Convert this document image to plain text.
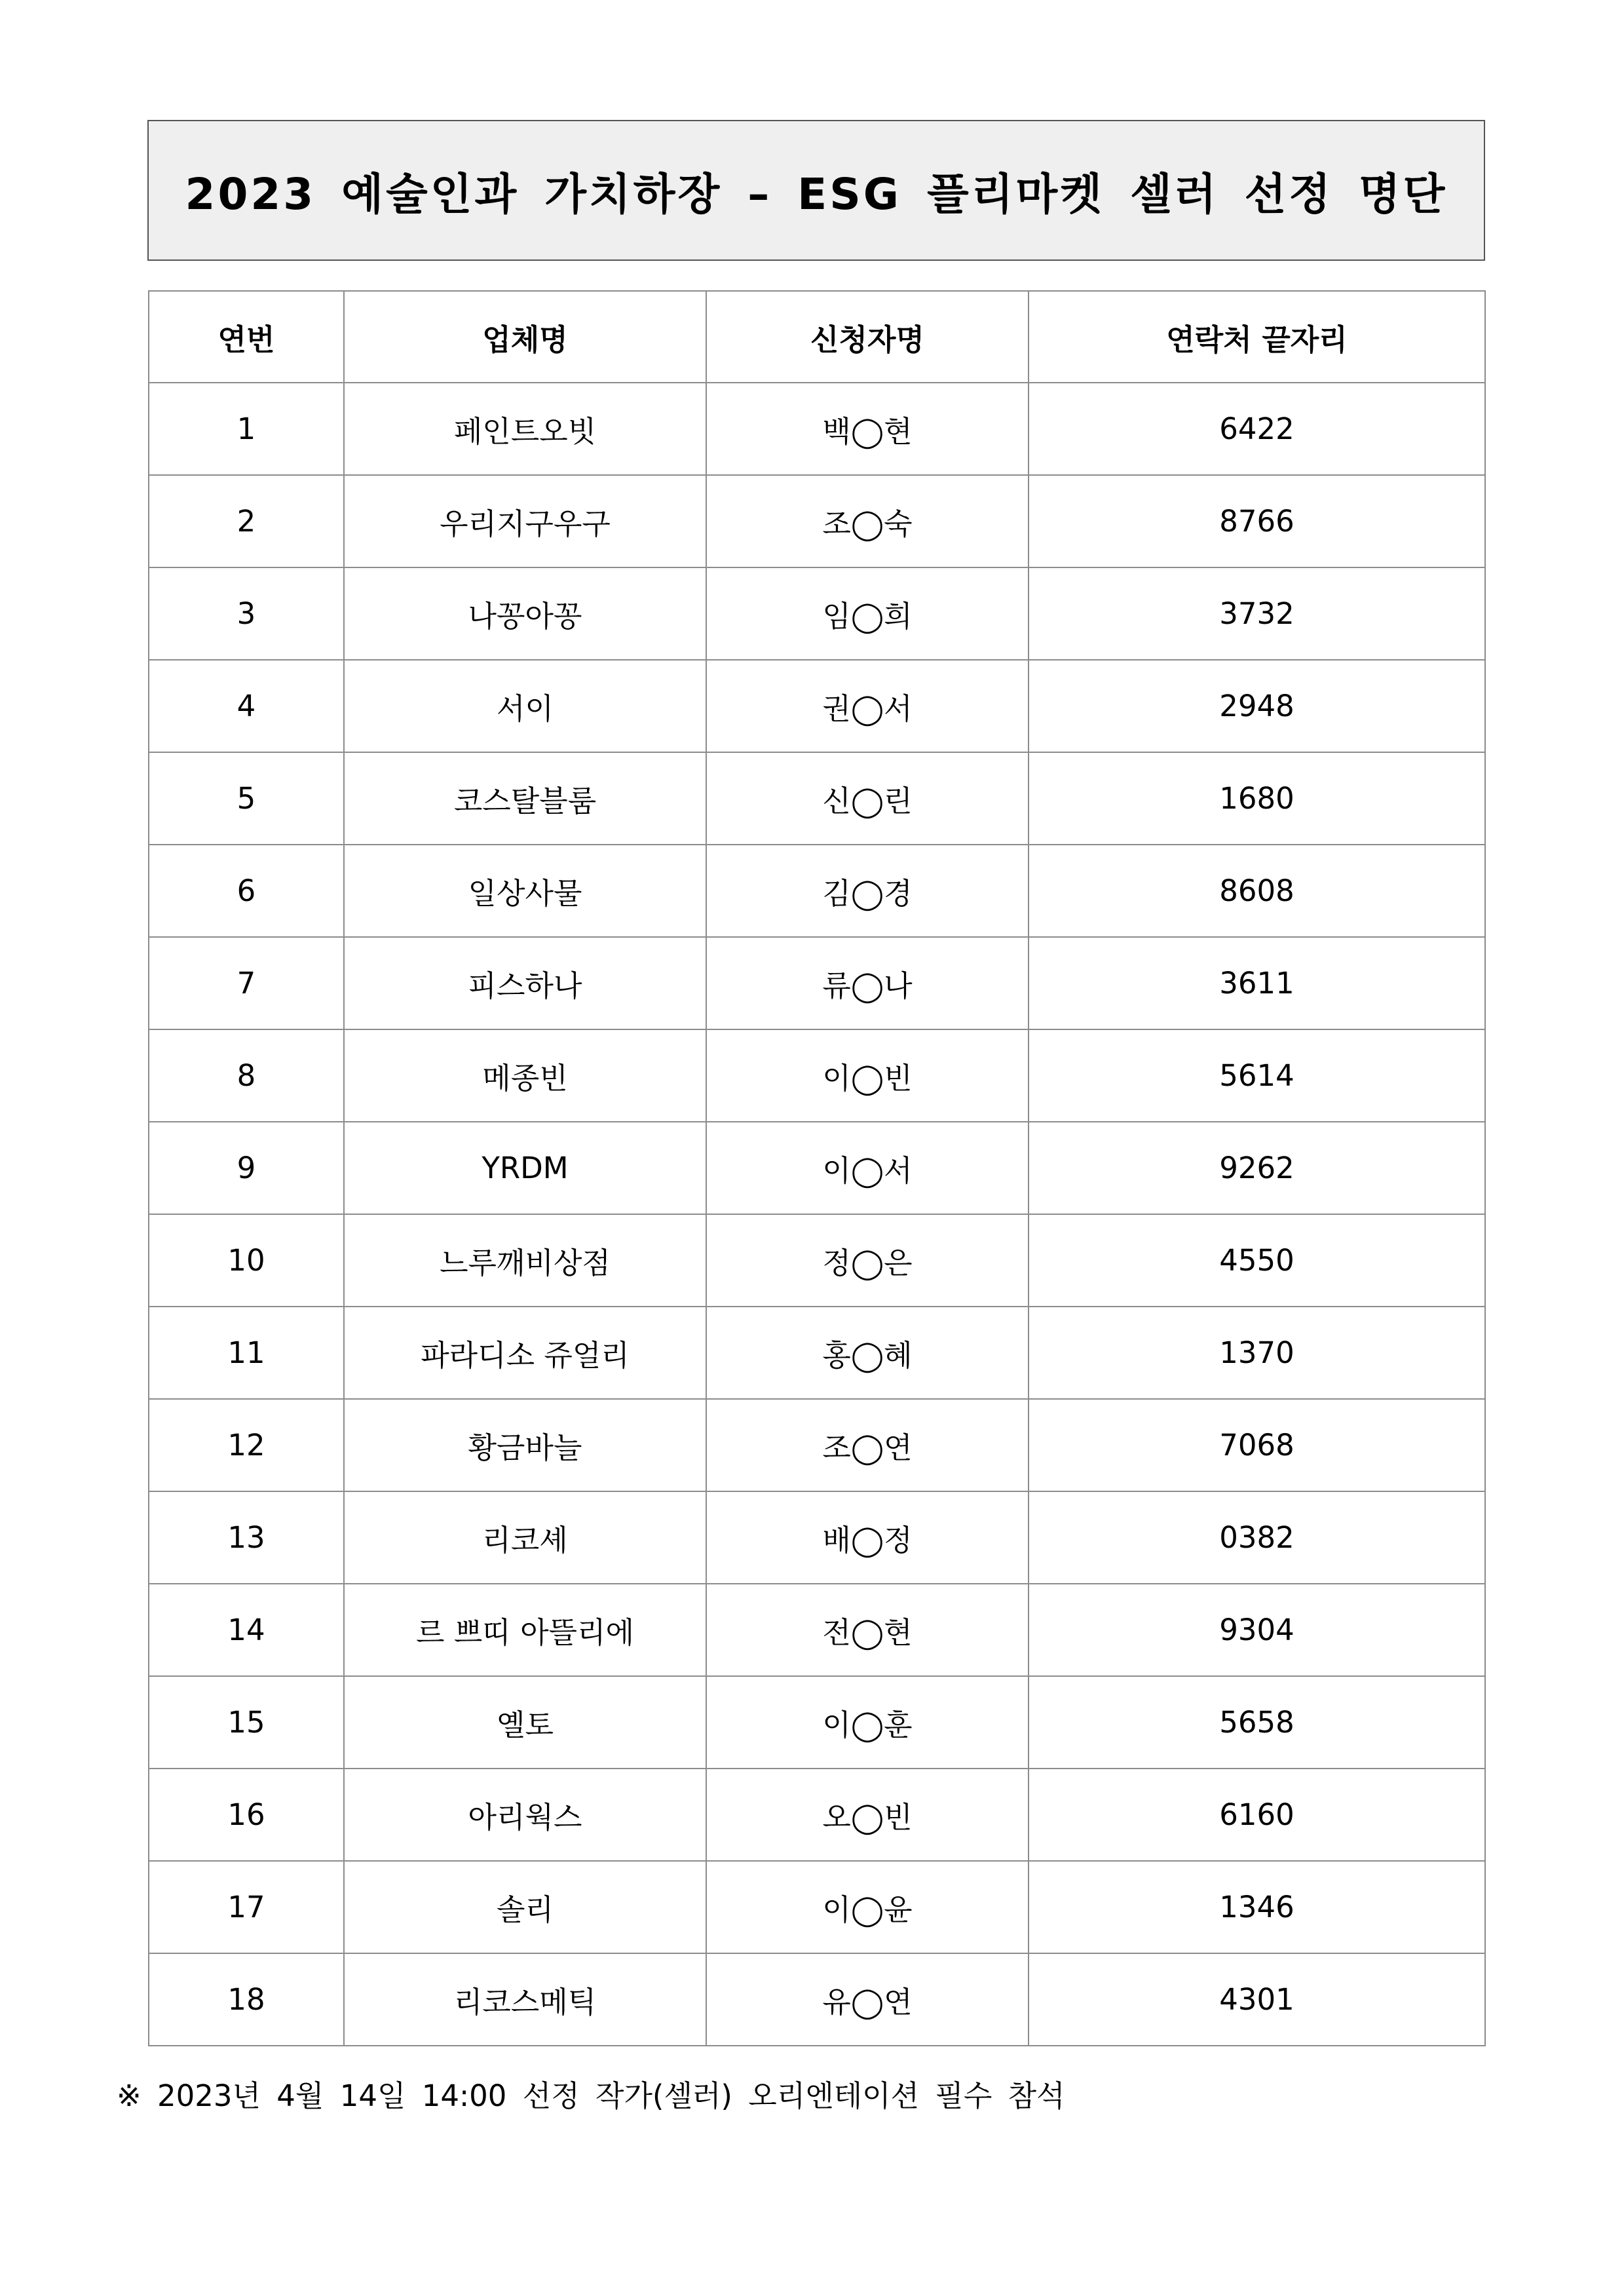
2023 예술인과 가치하장 – ESG 플리마켓 셀러 선정 명단
연번	업체명	신청자명	연락처 끝자리
1	페인트오빗	백◯현	6422
2	우리지구우구	조◯숙	8766
3	나꽁아꽁	임◯희	3732
4	서이	권◯서	2948
5	코스탈블룸	신◯린	1680
6	일상사물	김◯경	8608
7	피스하나	류◯나	3611
8	메종빈	이◯빈	5614
9	YRDM	이◯서	9262
10	느루깨비상점	정◯은	4550
11	파라디소 쥬얼리	홍◯혜	1370
12	황금바늘	조◯연	7068
13	리코셰	배◯정	0382
14	르 쁘띠 아뜰리에	전◯현	9304
15	옐토	이◯훈	5658
16	아리웍스	오◯빈	6160
17	솔리	이◯윤	1346
18	리코스메틱	유◯연	4301
※ 2023년 4월 14일 14:00 선정 작가(셀러) 오리엔테이션 필수 참석
